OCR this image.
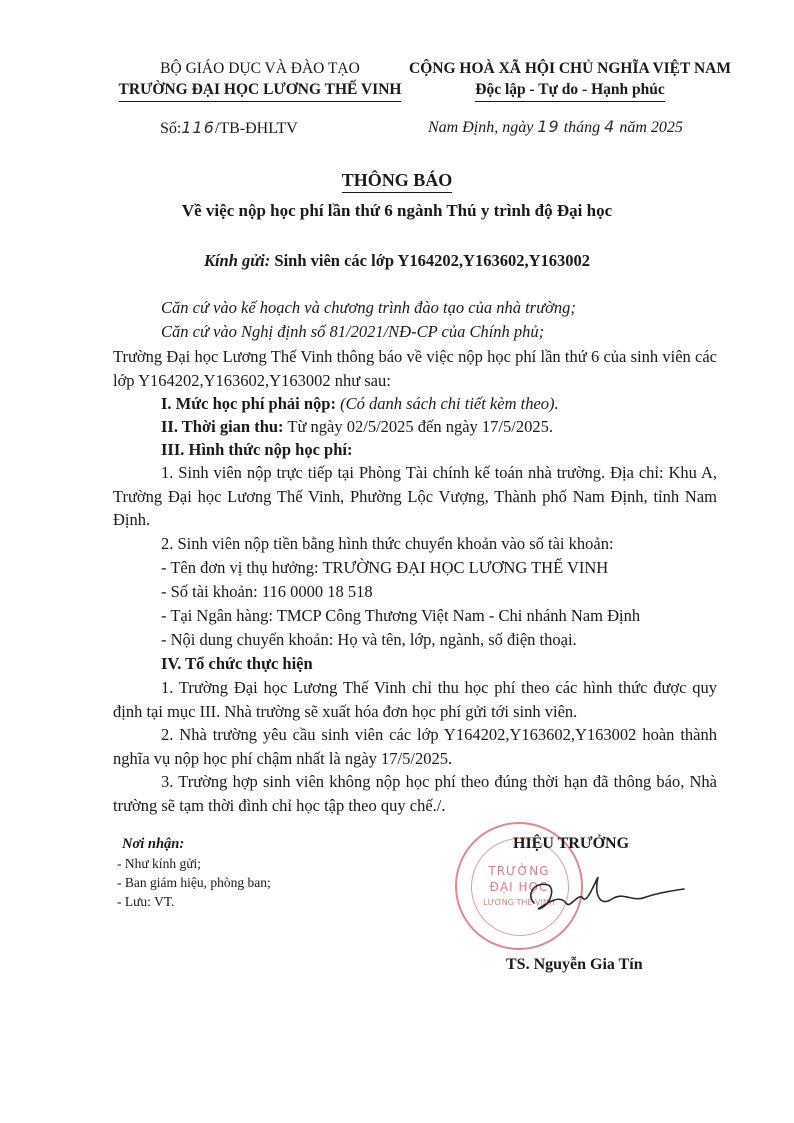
BỘ GIÁO DỤC VÀ ĐÀO TẠO
TRƯỜNG ĐẠI HỌC LƯƠNG THẾ VINH
Số:116/TB-ĐHLTV
CỘNG HOÀ XÃ HỘI CHỦ NGHĨA VIỆT NAM
Độc lập - Tự do - Hạnh phúc
Nam Định, ngày 19 tháng 4 năm 2025
THÔNG BÁO
Về việc nộp học phí lần thứ 6 ngành Thú y trình độ Đại học
Kính gửi: Sinh viên các lớp Y164202,Y163602,Y163002
Căn cứ vào kế hoạch và chương trình đào tạo của nhà trường;
Căn cứ vào Nghị định số 81/2021/NĐ-CP của Chính phủ;
Trường Đại học Lương Thế Vinh thông báo về việc nộp học phí lần thứ 6 của sinh viên các lớp Y164202,Y163602,Y163002 như sau:
I. Mức học phí phải nộp: (Có danh sách chi tiết kèm theo).
II. Thời gian thu: Từ ngày 02/5/2025 đến ngày 17/5/2025.
III. Hình thức nộp học phí:
1. Sinh viên nộp trực tiếp tại Phòng Tài chính kế toán nhà trường. Địa chỉ: Khu A, Trường Đại học Lương Thế Vinh, Phường Lộc Vượng, Thành phố Nam Định, tỉnh Nam Định.
2. Sinh viên nộp tiền bằng hình thức chuyển khoản vào số tài khoản:
- Tên đơn vị thụ hưởng: TRƯỜNG ĐẠI HỌC LƯƠNG THẾ VINH
- Số tài khoản: 116 0000 18 518
- Tại Ngân hàng: TMCP Công Thương Việt Nam - Chi nhánh Nam Định
- Nội dung chuyển khoản: Họ và tên, lớp, ngành, số điện thoại.
IV. Tổ chức thực hiện
1. Trường Đại học Lương Thế Vinh chỉ thu học phí theo các hình thức được quy định tại mục III. Nhà trường sẽ xuất hóa đơn học phí gửi tới sinh viên.
2. Nhà trường yêu cầu sinh viên các lớp Y164202,Y163602,Y163002 hoàn thành nghĩa vụ nộp học phí chậm nhất là ngày 17/5/2025.
3. Trường hợp sinh viên không nộp học phí theo đúng thời hạn đã thông báo, Nhà trường sẽ tạm thời đình chỉ học tập theo quy chế./.
Nơi nhận:
- Như kính gửi;
- Ban giám hiệu, phòng ban;
- Lưu: VT.
TRƯỜNG
ĐẠI HỌC
LƯƠNG THẾ VINH
HIỆU TRƯỞNG
TS. Nguyễn Gia Tín
